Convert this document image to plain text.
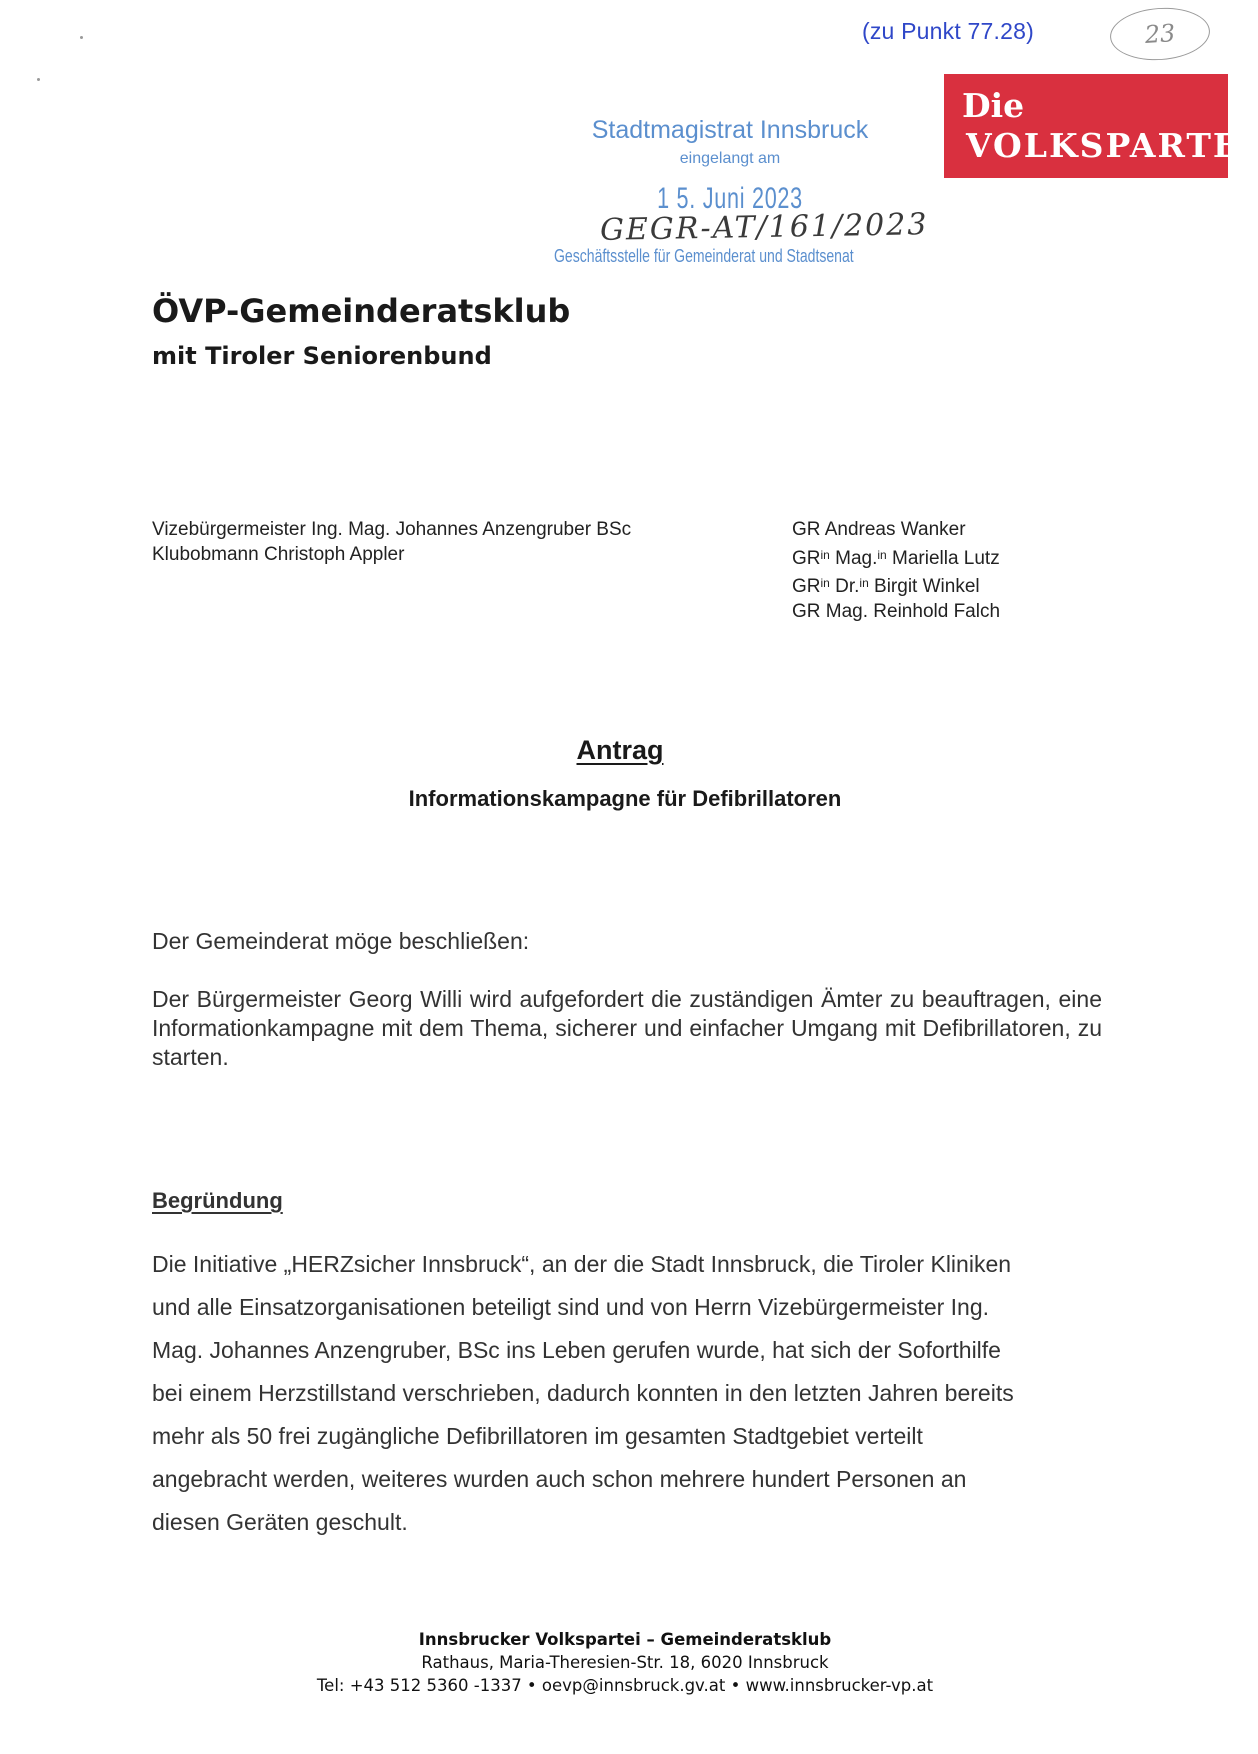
(zu Punkt 77.28)	23
Die
VOLKSPARTEI
Stadtmagistrat Innsbruck
eingelangt am
1 5. Juni 2023
GEGR-AT/161/2023
Geschäftsstelle für Gemeinderat und Stadtsenat
ÖVP-Gemeinderatsklub
mit Tiroler Seniorenbund
Vizebürgermeister Ing. Mag. Johannes Anzengruber BSc
Klubobmann Christoph Appler
GR Andreas Wanker
$GR^{in}$ Mag.$^{in}$ Mariella Lutz
$GR^{in}$ Dr.$^{in}$ Birgit Winkel
GR Mag. Reinhold Falch
Antrag
Informationskampagne für Defibrillatoren
Der Gemeinderat möge beschließen:
Der Bürgermeister Georg Willi wird aufgefordert die zuständigen Ämter zu beauftragen, eine Informationkampagne mit dem Thema, sicherer und einfacher Umgang mit Defibrillatoren, zu starten.
Begründung
Die Initiative „HERZsicher Innsbruck“, an der die Stadt Innsbruck, die Tiroler Kliniken
und alle Einsatzorganisationen beteiligt sind und von Herrn Vizebürgermeister Ing.
Mag. Johannes Anzengruber, BSc ins Leben gerufen wurde, hat sich der Soforthilfe
bei einem Herzstillstand verschrieben, dadurch konnten in den letzten Jahren bereits
mehr als 50 frei zugängliche Defibrillatoren im gesamten Stadtgebiet verteilt
angebracht werden, weiteres wurden auch schon mehrere hundert Personen an
diesen Geräten geschult.
Innsbrucker Volkspartei – Gemeinderatsklub
Rathaus, Maria-Theresien-Str. 18, 6020 Innsbruck
Tel: +43 512 5360 -1337 • oevp@innsbruck.gv.at • www.innsbrucker-vp.at
